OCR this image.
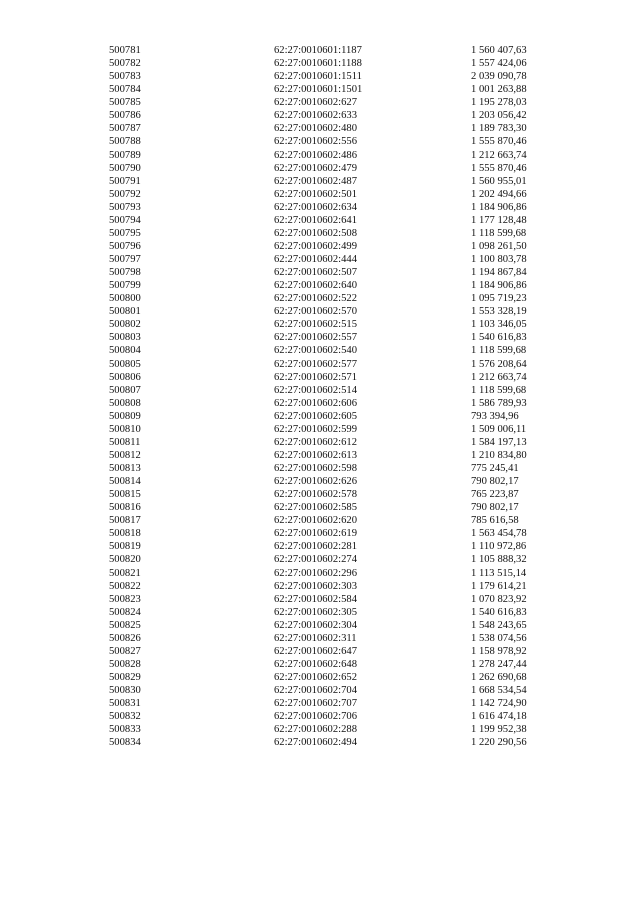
500781	62:27:0010601:1187	1 560 407,63
500782	62:27:0010601:1188	1 557 424,06
500783	62:27:0010601:1511	2 039 090,78
500784	62:27:0010601:1501	1 001 263,88
500785	62:27:0010602:627	1 195 278,03
500786	62:27:0010602:633	1 203 056,42
500787	62:27:0010602:480	1 189 783,30
500788	62:27:0010602:556	1 555 870,46
500789	62:27:0010602:486	1 212 663,74
500790	62:27:0010602:479	1 555 870,46
500791	62:27:0010602:487	1 560 955,01
500792	62:27:0010602:501	1 202 494,66
500793	62:27:0010602:634	1 184 906,86
500794	62:27:0010602:641	1 177 128,48
500795	62:27:0010602:508	1 118 599,68
500796	62:27:0010602:499	1 098 261,50
500797	62:27:0010602:444	1 100 803,78
500798	62:27:0010602:507	1 194 867,84
500799	62:27:0010602:640	1 184 906,86
500800	62:27:0010602:522	1 095 719,23
500801	62:27:0010602:570	1 553 328,19
500802	62:27:0010602:515	1 103 346,05
500803	62:27:0010602:557	1 540 616,83
500804	62:27:0010602:540	1 118 599,68
500805	62:27:0010602:577	1 576 208,64
500806	62:27:0010602:571	1 212 663,74
500807	62:27:0010602:514	1 118 599,68
500808	62:27:0010602:606	1 586 789,93
500809	62:27:0010602:605	793 394,96
500810	62:27:0010602:599	1 509 006,11
500811	62:27:0010602:612	1 584 197,13
500812	62:27:0010602:613	1 210 834,80
500813	62:27:0010602:598	775 245,41
500814	62:27:0010602:626	790 802,17
500815	62:27:0010602:578	765 223,87
500816	62:27:0010602:585	790 802,17
500817	62:27:0010602:620	785 616,58
500818	62:27:0010602:619	1 563 454,78
500819	62:27:0010602:281	1 110 972,86
500820	62:27:0010602:274	1 105 888,32
500821	62:27:0010602:296	1 113 515,14
500822	62:27:0010602:303	1 179 614,21
500823	62:27:0010602:584	1 070 823,92
500824	62:27:0010602:305	1 540 616,83
500825	62:27:0010602:304	1 548 243,65
500826	62:27:0010602:311	1 538 074,56
500827	62:27:0010602:647	1 158 978,92
500828	62:27:0010602:648	1 278 247,44
500829	62:27:0010602:652	1 262 690,68
500830	62:27:0010602:704	1 668 534,54
500831	62:27:0010602:707	1 142 724,90
500832	62:27:0010602:706	1 616 474,18
500833	62:27:0010602:288	1 199 952,38
500834	62:27:0010602:494	1 220 290,56
